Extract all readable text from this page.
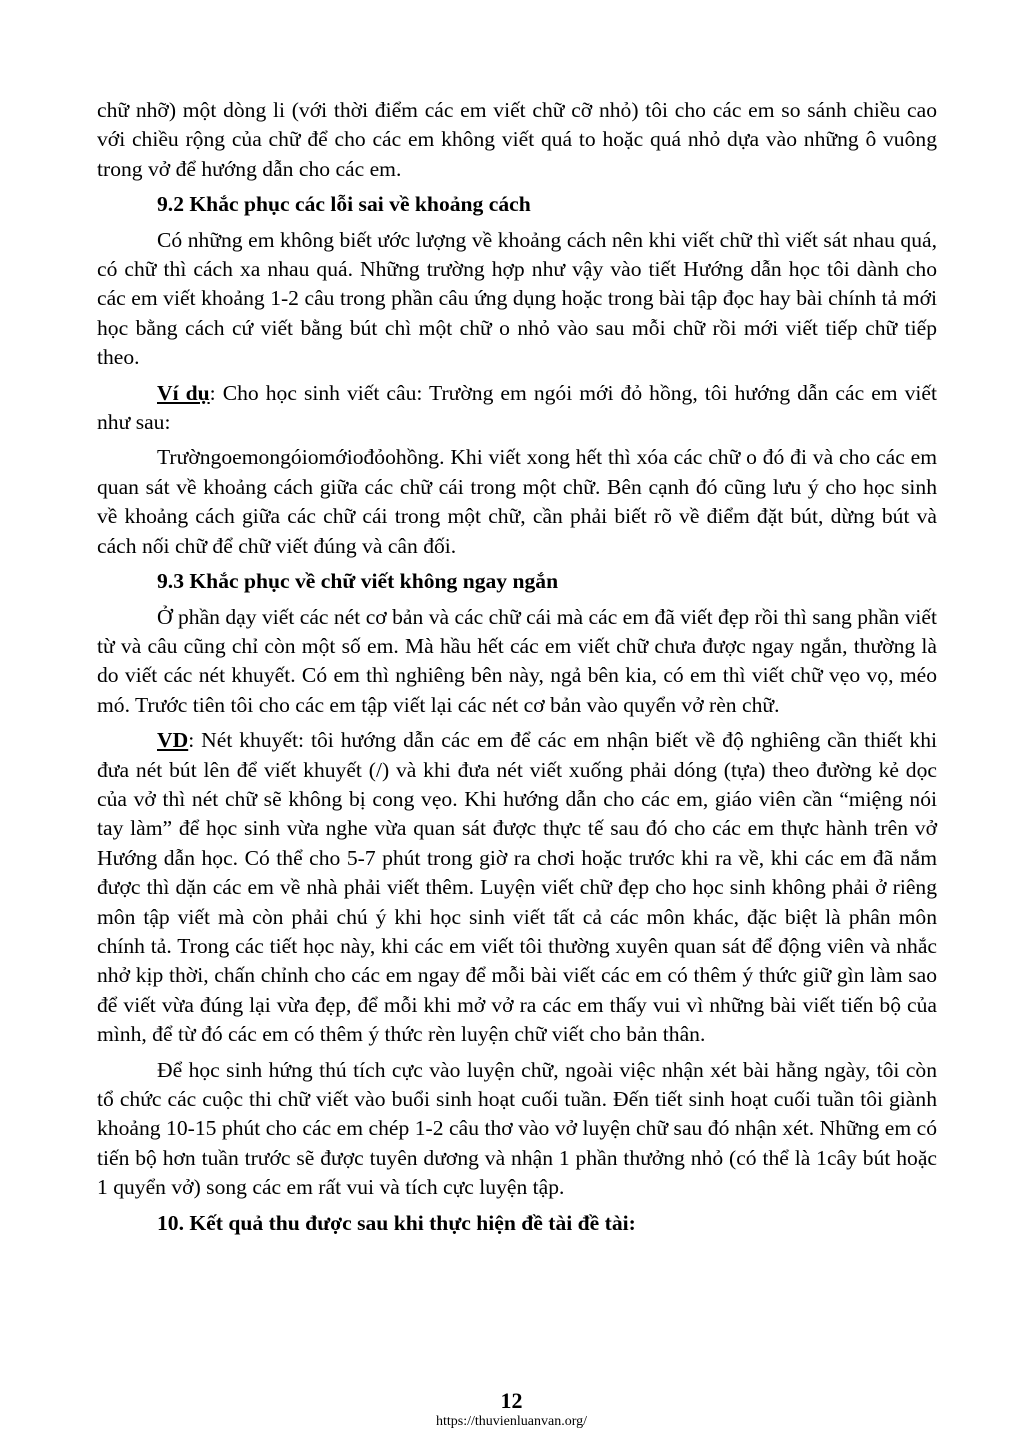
chữ nhỡ) một dòng li (với thời điểm các em viết chữ cỡ nhỏ) tôi cho các em so sánh chiều cao với chiều rộng của chữ để cho các em không viết quá to hoặc quá nhỏ dựa vào những ô vuông trong vở để hướng dẫn cho các em.

9.2 Khắc phục các lỗi sai về khoảng cách

Có những em không biết ước lượng về khoảng cách nên khi viết chữ thì viết sát nhau quá, có chữ thì cách xa nhau quá. Những trường hợp như vậy vào tiết Hướng dẫn học tôi dành cho các em viết khoảng 1-2 câu trong phần câu ứng dụng hoặc trong bài tập đọc hay bài chính tả mới học bằng cách cứ viết bằng bút chì một chữ o nhỏ vào sau mỗi chữ rồi mới viết tiếp chữ tiếp theo.

Ví dụ: Cho học sinh viết câu: Trường em ngói mới đỏ hồng, tôi hướng dẫn các em viết như sau:

Trườngoemongóiomớiođỏohồng. Khi viết xong hết thì xóa các chữ o đó đi và cho các em quan sát về khoảng cách giữa các chữ cái trong một chữ. Bên cạnh đó cũng lưu ý cho học sinh về khoảng cách giữa các chữ cái trong một chữ, cần phải biết rõ về điểm đặt bút, dừng bút và cách nối chữ để chữ viết đúng và cân đối.

9.3 Khắc phục về chữ viết không ngay ngắn

Ở phần dạy viết các nét cơ bản và các chữ cái mà các em đã viết đẹp rồi thì sang phần viết từ và câu cũng chỉ còn một số em. Mà hầu hết các em viết chữ chưa được ngay ngắn, thường là do viết các nét khuyết. Có em thì nghiêng bên này, ngả bên kia, có em thì viết chữ vẹo vọ, méo mó. Trước tiên tôi cho các em tập viết lại các nét cơ bản vào quyển vở rèn chữ.

VD: Nét khuyết: tôi hướng dẫn các em để các em nhận biết về độ nghiêng cần thiết khi đưa nét bút lên để viết khuyết (/) và khi đưa nét viết xuống phải dóng (tựa) theo đường kẻ dọc của vở thì nét chữ sẽ không bị cong vẹo. Khi hướng dẫn cho các em, giáo viên cần “miệng nói tay làm” để học sinh vừa nghe vừa quan sát được thực tế sau đó cho các em thực hành trên vở Hướng dẫn học. Có thể cho 5-7 phút trong giờ ra chơi hoặc trước khi ra về, khi các em đã nắm được thì dặn các em về nhà phải viết thêm. Luyện viết chữ đẹp cho học sinh không phải ở riêng môn tập viết mà còn phải chú ý khi học sinh viết tất cả các môn khác, đặc biệt là phân môn chính tả. Trong các tiết học này, khi các em viết tôi thường xuyên quan sát để động viên và nhắc nhở kịp thời, chấn chỉnh cho các em ngay để mỗi bài viết các em có thêm ý thức giữ gìn làm sao để viết vừa đúng lại vừa đẹp, để mỗi khi mở vở ra các em thấy vui vì những bài viết tiến bộ của mình, để từ đó các em có thêm ý thức rèn luyện chữ viết cho bản thân.

Để học sinh hứng thú tích cực vào luyện chữ, ngoài việc nhận xét bài hằng ngày, tôi còn tổ chức các cuộc thi chữ viết vào buổi sinh hoạt cuối tuần. Đến tiết sinh hoạt cuối tuần tôi giành khoảng 10-15 phút cho các em chép 1-2 câu thơ vào vở luyện chữ sau đó nhận xét. Những em có tiến bộ hơn tuần trước sẽ được tuyên dương và nhận 1 phần thưởng nhỏ (có thể là 1cây bút hoặc 1 quyển vở) song các em rất vui và tích cực luyện tập.

10. Kết quả thu được sau khi thực hiện đề tài đề tài:

12
https://thuvienluanvan.org/
